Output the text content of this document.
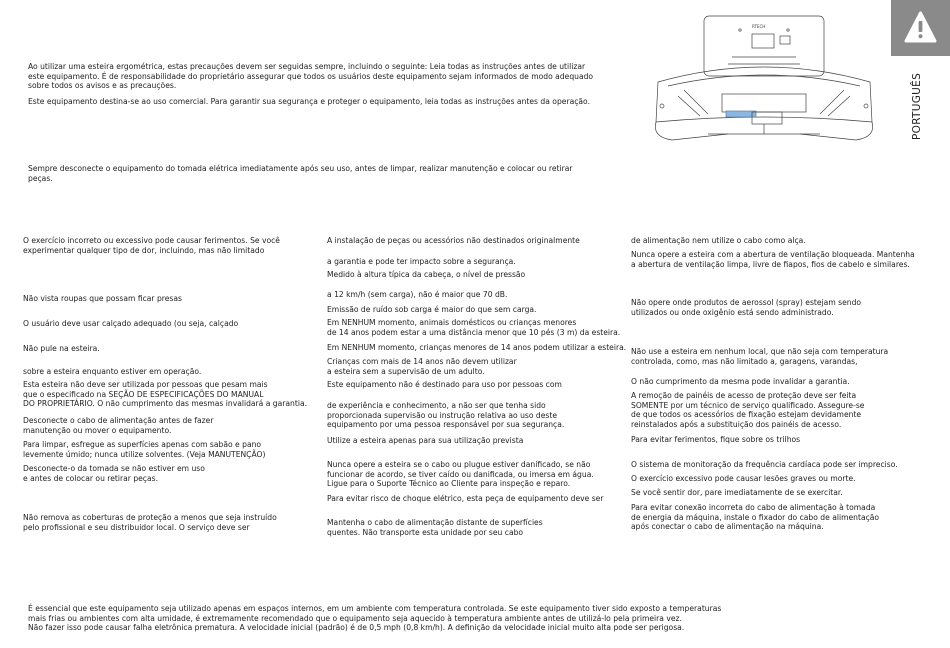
PORTUGUÊS
RTECH

Ao utilizar uma esteira ergométrica, estas precauções devem ser seguidas sempre, incluindo o seguinte: Leia todas as instruções antes de utilizar
este equipamento. É de responsabilidade do proprietário assegurar que todos os usuários deste equipamento sejam informados de modo adequado
sobre todos os avisos e as precauções.

Este equipamento destina-se ao uso comercial. Para garantir sua segurança e proteger o equipamento, leia todas as instruções antes da operação.

Sempre desconecte o equipamento do tomada elétrica imediatamente após seu uso, antes de limpar, realizar manutenção e colocar ou retirar
peças.

O exercício incorreto ou excessivo pode causar ferimentos. Se você
experimentar qualquer tipo de dor, incluindo, mas não limitado

Não vista roupas que possam ficar presas

O usuário deve usar calçado adequado (ou seja, calçado

Não pule na esteira.

sobre a esteira enquanto estiver em operação.

Esta esteira não deve ser utilizada por pessoas que pesam mais
que o especificado na SEÇÃO DE ESPECIFICAÇÕES DO MANUAL
DO PROPRIETÁRIO. O não cumprimento das mesmas invalidará a garantia.

Desconecte o cabo de alimentação antes de fazer
manutenção ou mover o equipamento.

Para limpar, esfregue as superfícies apenas com sabão e pano
levemente úmido; nunca utilize solventes. (Veja MANUTENÇÃO)

Desconecte-o da tomada se não estiver em uso
e antes de colocar ou retirar peças.

Não remova as coberturas de proteção a menos que seja instruído
pelo profissional e seu distribuidor local. O serviço deve ser

A instalação de peças ou acessórios não destinados originalmente

a garantia e pode ter impacto sobre a segurança.

Medido à altura típica da cabeça, o nível de pressão

a 12 km/h (sem carga), não é maior que 70 dB.

Emissão de ruído sob carga é maior do que sem carga.

Em NENHUM momento, animais domésticos ou crianças menores
de 14 anos podem estar a uma distância menor que 10 pés (3 m) da esteira.

Em NENHUM momento, crianças menores de 14 anos podem utilizar a esteira.

Crianças com mais de 14 anos não devem utilizar
a esteira sem a supervisão de um adulto.

Este equipamento não é destinado para uso por pessoas com

de experiência e conhecimento, a não ser que tenha sido
proporcionada supervisão ou instrução relativa ao uso deste
equipamento por uma pessoa responsável por sua segurança.

Utilize a esteira apenas para sua utilização prevista

Nunca opere a esteira se o cabo ou plugue estiver danificado, se não
funcionar de acordo, se tiver caído ou danificada, ou imersa em água.
Ligue para o Suporte Técnico ao Cliente para inspeção e reparo.

Para evitar risco de choque elétrico, esta peça de equipamento deve ser

Mantenha o cabo de alimentação distante de superfícies
quentes. Não transporte esta unidade por seu cabo

de alimentação nem utilize o cabo como alça.

Nunca opere a esteira com a abertura de ventilação bloqueada. Mantenha
a abertura de ventilação limpa, livre de fiapos, fios de cabelo e similares.

Não opere onde produtos de aerossol (spray) estejam sendo
utilizados ou onde oxigênio está sendo administrado.

Não use a esteira em nenhum local, que não seja com temperatura
controlada, como, mas não limitado a, garagens, varandas,

O não cumprimento da mesma pode invalidar a garantia.

A remoção de painéis de acesso de proteção deve ser feita
SOMENTE por um técnico de serviço qualificado. Assegure-se
de que todos os acessórios de fixação estejam devidamente
reinstalados após a substituição dos painéis de acesso.

Para evitar ferimentos, fique sobre os trilhos

O sistema de monitoração da frequência cardíaca pode ser impreciso.

O exercício excessivo pode causar lesões graves ou morte.

Se você sentir dor, pare imediatamente de se exercitar.

Para evitar conexão incorreta do cabo de alimentação à tomada
de energia da máquina, instale o fixador do cabo de alimentação
após conectar o cabo de alimentação na máquina.

É essencial que este equipamento seja utilizado apenas em espaços internos, em um ambiente com temperatura controlada. Se este equipamento tiver sido exposto a temperaturas
mais frias ou ambientes com alta umidade, é extremamente recomendado que o equipamento seja aquecido à temperatura ambiente antes de utilizá-lo pela primeira vez.
Não fazer isso pode causar falha eletrônica prematura. A velocidade inicial (padrão) é de 0,5 mph (0,8 km/h). A definição da velocidade inicial muito alta pode ser perigosa.
